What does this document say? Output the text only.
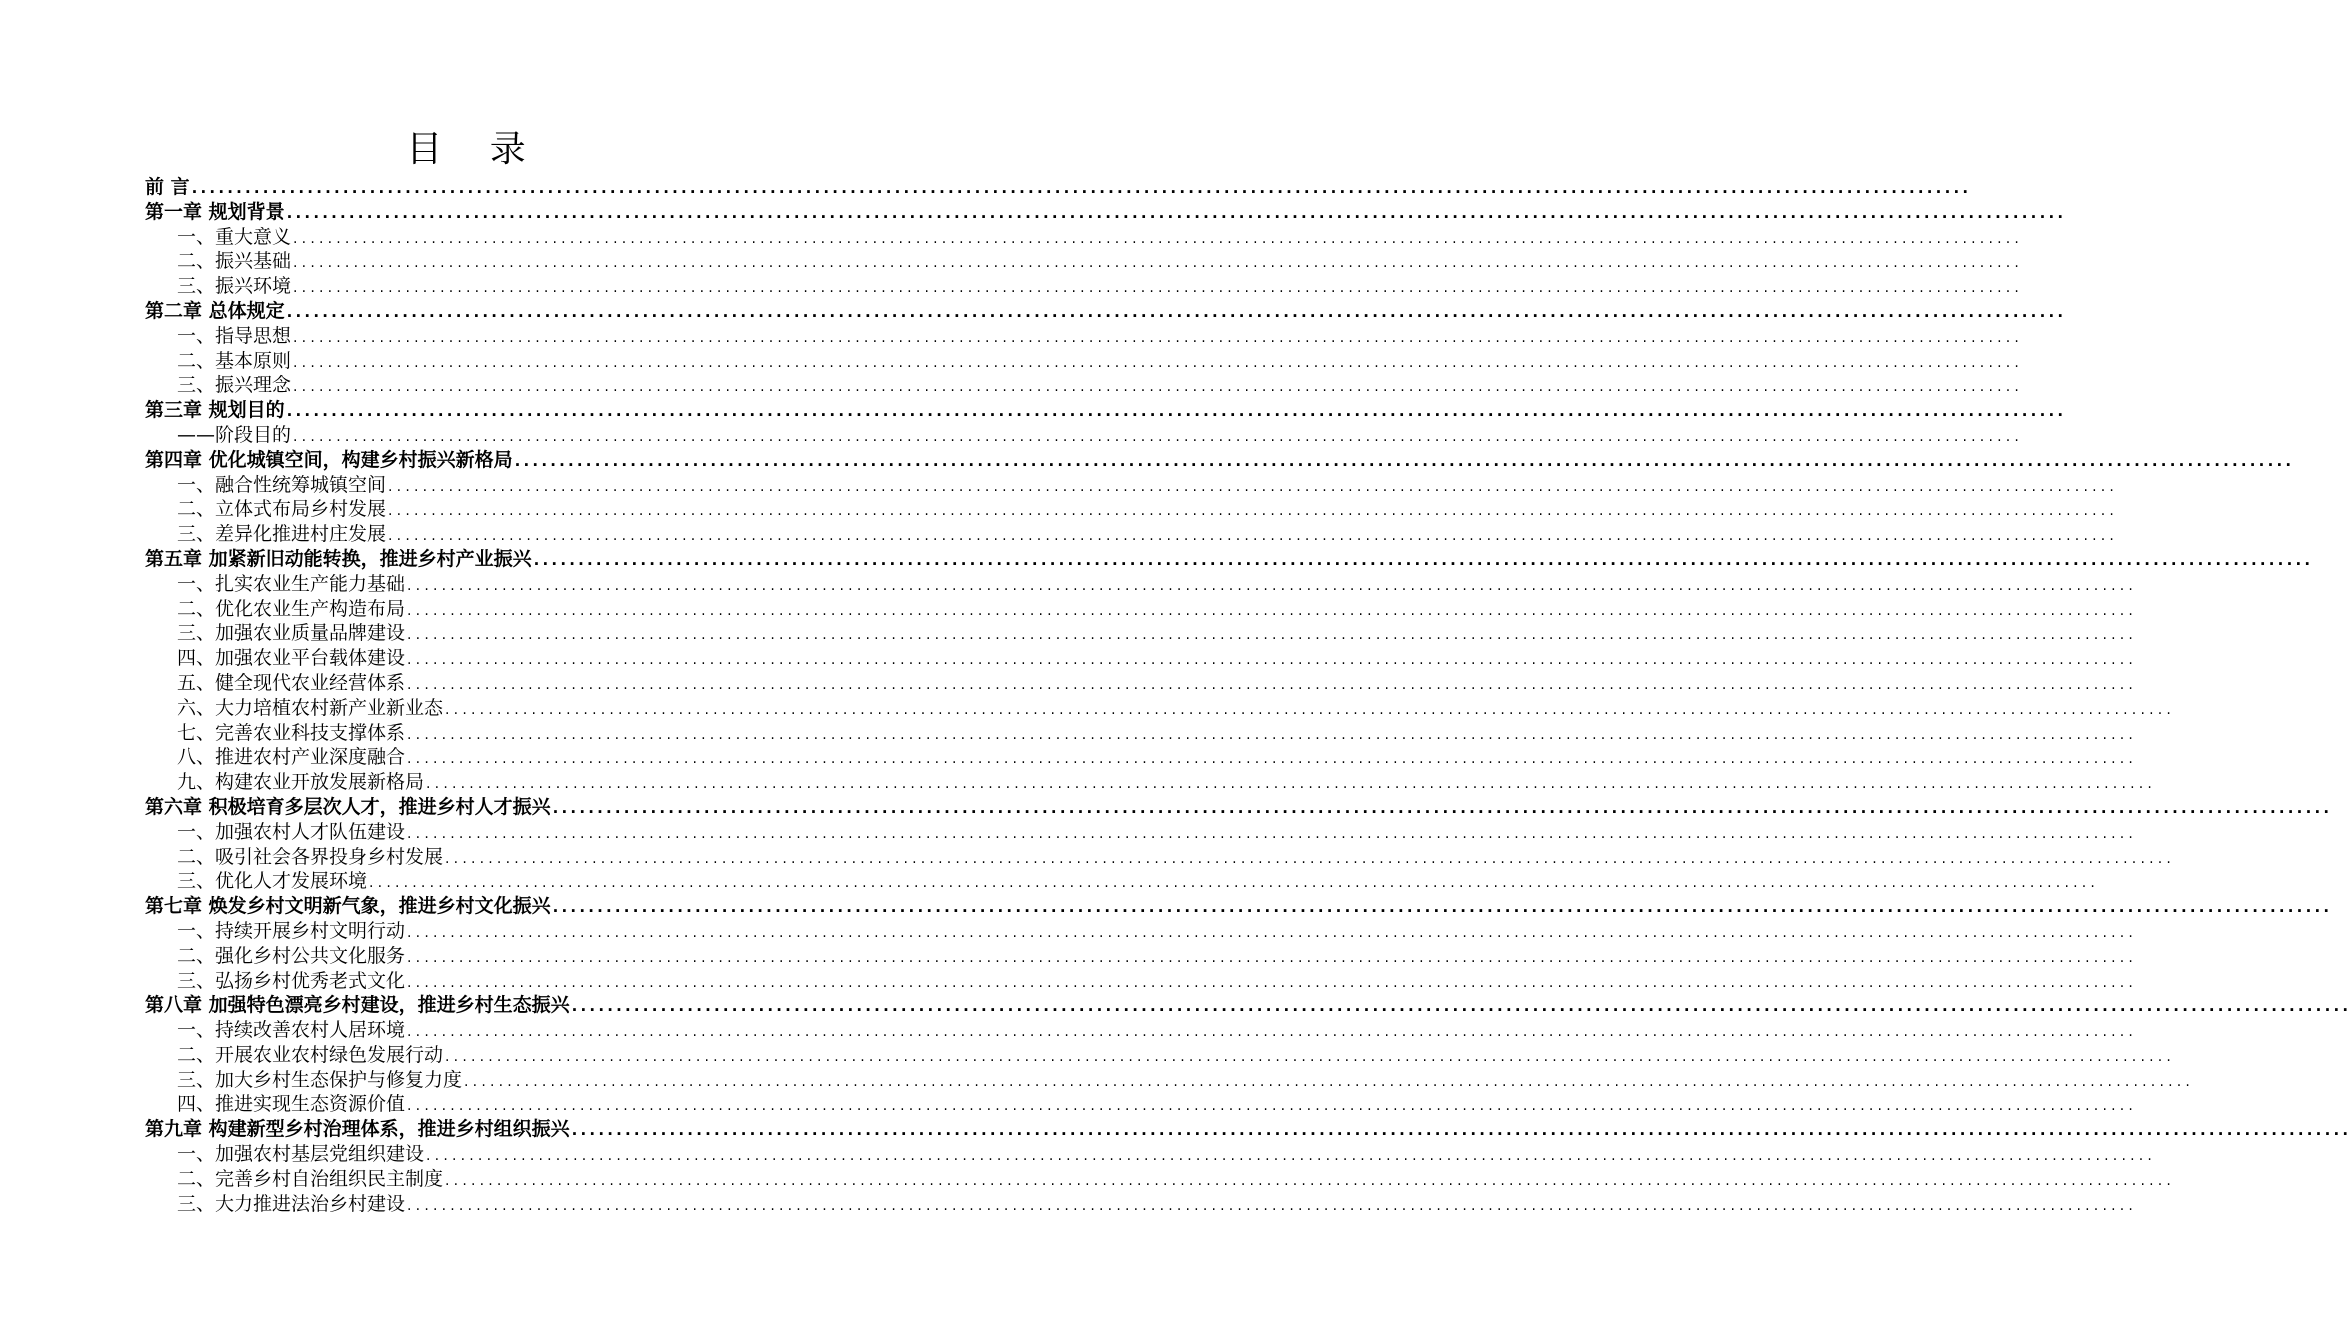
目 录
前 言 ........................................................................................................................................................................................................
第一章 规划背景 ........................................................................................................................................................................................................
一、重大意义 ........................................................................................................................................................................................................
二、振兴基础 ........................................................................................................................................................................................................
三、振兴环境 ........................................................................................................................................................................................................
第二章 总体规定 ........................................................................................................................................................................................................
一、指导思想 ........................................................................................................................................................................................................
二、基本原则 ........................................................................................................................................................................................................
三、振兴理念 ........................................................................................................................................................................................................
第三章 规划目的 ........................................................................................................................................................................................................
——阶段目的 ........................................................................................................................................................................................................
第四章 优化城镇空间，构建乡村振兴新格局 ........................................................................................................................................................................................................
一、融合性统筹城镇空间 ........................................................................................................................................................................................................
二、立体式布局乡村发展 ........................................................................................................................................................................................................
三、差异化推进村庄发展 ........................................................................................................................................................................................................
第五章 加紧新旧动能转换，推进乡村产业振兴 ........................................................................................................................................................................................................
一、扎实农业生产能力基础 ........................................................................................................................................................................................................
二、优化农业生产构造布局 ........................................................................................................................................................................................................
三、加强农业质量品牌建设 ........................................................................................................................................................................................................
四、加强农业平台载体建设 ........................................................................................................................................................................................................
五、健全现代农业经营体系 ........................................................................................................................................................................................................
六、大力培植农村新产业新业态 ........................................................................................................................................................................................................
七、完善农业科技支撑体系 ........................................................................................................................................................................................................
八、推进农村产业深度融合 ........................................................................................................................................................................................................
九、构建农业开放发展新格局 ........................................................................................................................................................................................................
第六章 积极培育多层次人才，推进乡村人才振兴 ........................................................................................................................................................................................................
一、加强农村人才队伍建设 ........................................................................................................................................................................................................
二、吸引社会各界投身乡村发展 ........................................................................................................................................................................................................
三、优化人才发展环境 ........................................................................................................................................................................................................
第七章 焕发乡村文明新气象，推进乡村文化振兴 ........................................................................................................................................................................................................
一、持续开展乡村文明行动 ........................................................................................................................................................................................................
二、强化乡村公共文化服务 ........................................................................................................................................................................................................
三、弘扬乡村优秀老式文化 ........................................................................................................................................................................................................
第八章 加强特色漂亮乡村建设，推进乡村生态振兴 ........................................................................................................................................................................................................
一、持续改善农村人居环境 ........................................................................................................................................................................................................
二、开展农业农村绿色发展行动 ........................................................................................................................................................................................................
三、加大乡村生态保护与修复力度 ........................................................................................................................................................................................................
四、推进实现生态资源价值 ........................................................................................................................................................................................................
第九章 构建新型乡村治理体系，推进乡村组织振兴 ........................................................................................................................................................................................................
一、加强农村基层党组织建设 ........................................................................................................................................................................................................
二、完善乡村自治组织民主制度 ........................................................................................................................................................................................................
三、大力推进法治乡村建设 ........................................................................................................................................................................................................
